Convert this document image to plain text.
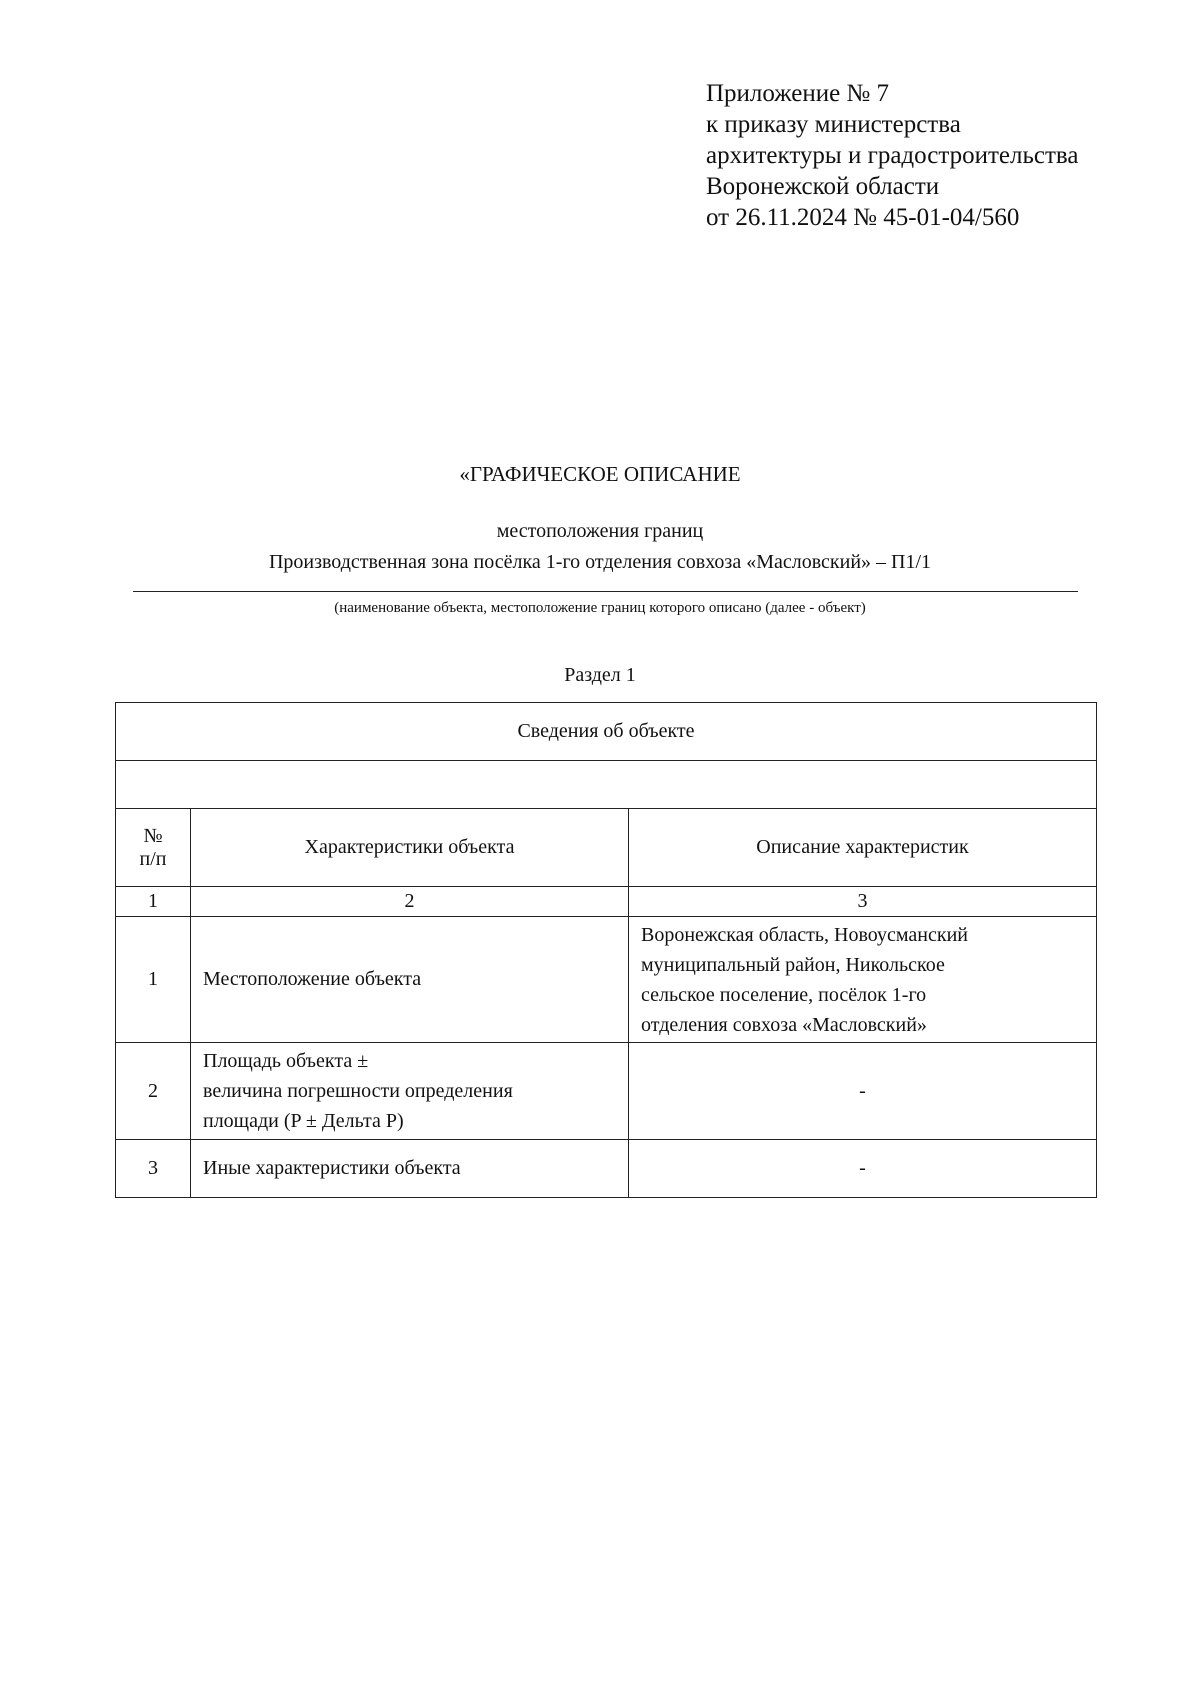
Приложение № 7
к приказу министерства
архитектуры и градостроительства
Воронежской области
от 26.11.2024 № 45-01-04/560
«ГРАФИЧЕСКОЕ ОПИСАНИЕ
местоположения границ
Производственная зона посёлка 1-го отделения совхоза «Масловский» – П1/1
(наименование объекта, местоположение границ которого описано (далее - объект)
Раздел 1
Сведения об объекте		

№
п/п	Характеристики объекта	Описание характеристик
1	2	3
1	Местоположение объекта	Воронежская область, Новоусманский
муниципальный район, Никольское
сельское поселение, посёлок 1-го
отделения совхоза «Масловский»

2	Площадь объекта ±
величина погрешности определения
площади (P ± Дельта P)	-

3	Иные характеристики объекта	-
